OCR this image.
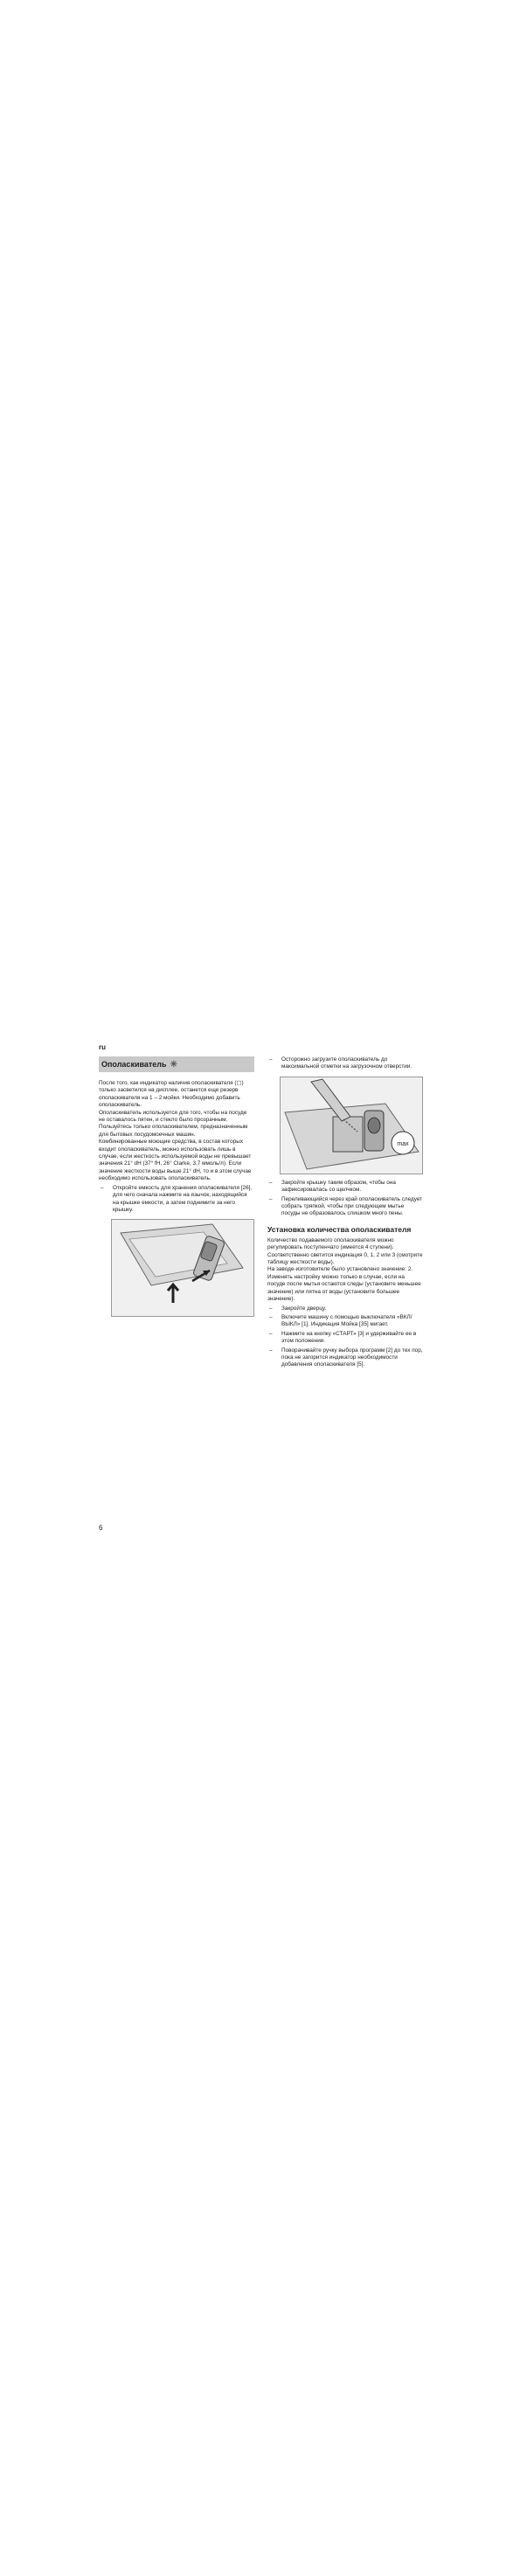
ru
Ополаскиватель ✳

После того, как индикатор наличия ополаскивателя (▢) только засветился на дисплее, останется еще резерв ополаскивателя на 1 – 2 мойки. Необходимо добавить ополаскиватель.

Ополаскиватель используется для того, чтобы на посуде не оставалось пятен, и стекло было прозрачным.

Пользуйтесь только ополаскивателем, предназначенным для бытовых посудомоечных машин.

Комбинированные моющие средства, в состав которых входит ополаскиватель, можно использовать лишь в случае, если жесткость используемой воды не превышает значения 21° dH (37° fH, 26° Clarke, 3,7 ммоль/л). Если значение жесткости воды выше 21° dH, то и в этом случае необходимо использовать ополаскиватель.

–	Откройте емкость для хранения ополаскивателя [26], для чего сначала нажмите на язычок, находящийся на крышке емкости, а затем поднимите за него крышку.
–	Осторожно загрузите ополаскиватель до максимальной отметки на загрузочном отверстии.
max
–	Закройте крышку таким образом, чтобы она зафиксировалась со щелчком.
–	Переливающийся через край ополаскиватель следует собрать тряпкой, чтобы при следующем мытье посуды не образовалось слишком много пены.
Установка количества ополаскивателя

Количество подаваемого ополаскивателя можно регулировать поступенчато (имеется 4 ступени). Соответственно светится индикация 0, 1, 2 или 3 (смотрите таблицу жесткости воды).

На заводе-изготовителе было установлено значение: 2.

Изменять настройку можно только в случае, если на посуде после мытья остаются следы (установите меньшее значение) или пятна от воды (установите большее значение).

–	Закройте дверцу.
–	Включите машину с помощью выключателя «ВКЛ/ВЫКЛ» [1]. Индикация Мойка [35] мигает.
–	Нажмите на кнопку «СТАРТ» [3] и удерживайте ее в этом положении.
–	Поворачивайте ручку выбора программ [2] до тех пор, пока не загорится индикатор необходимости добавления ополаскивателя [5].
6
